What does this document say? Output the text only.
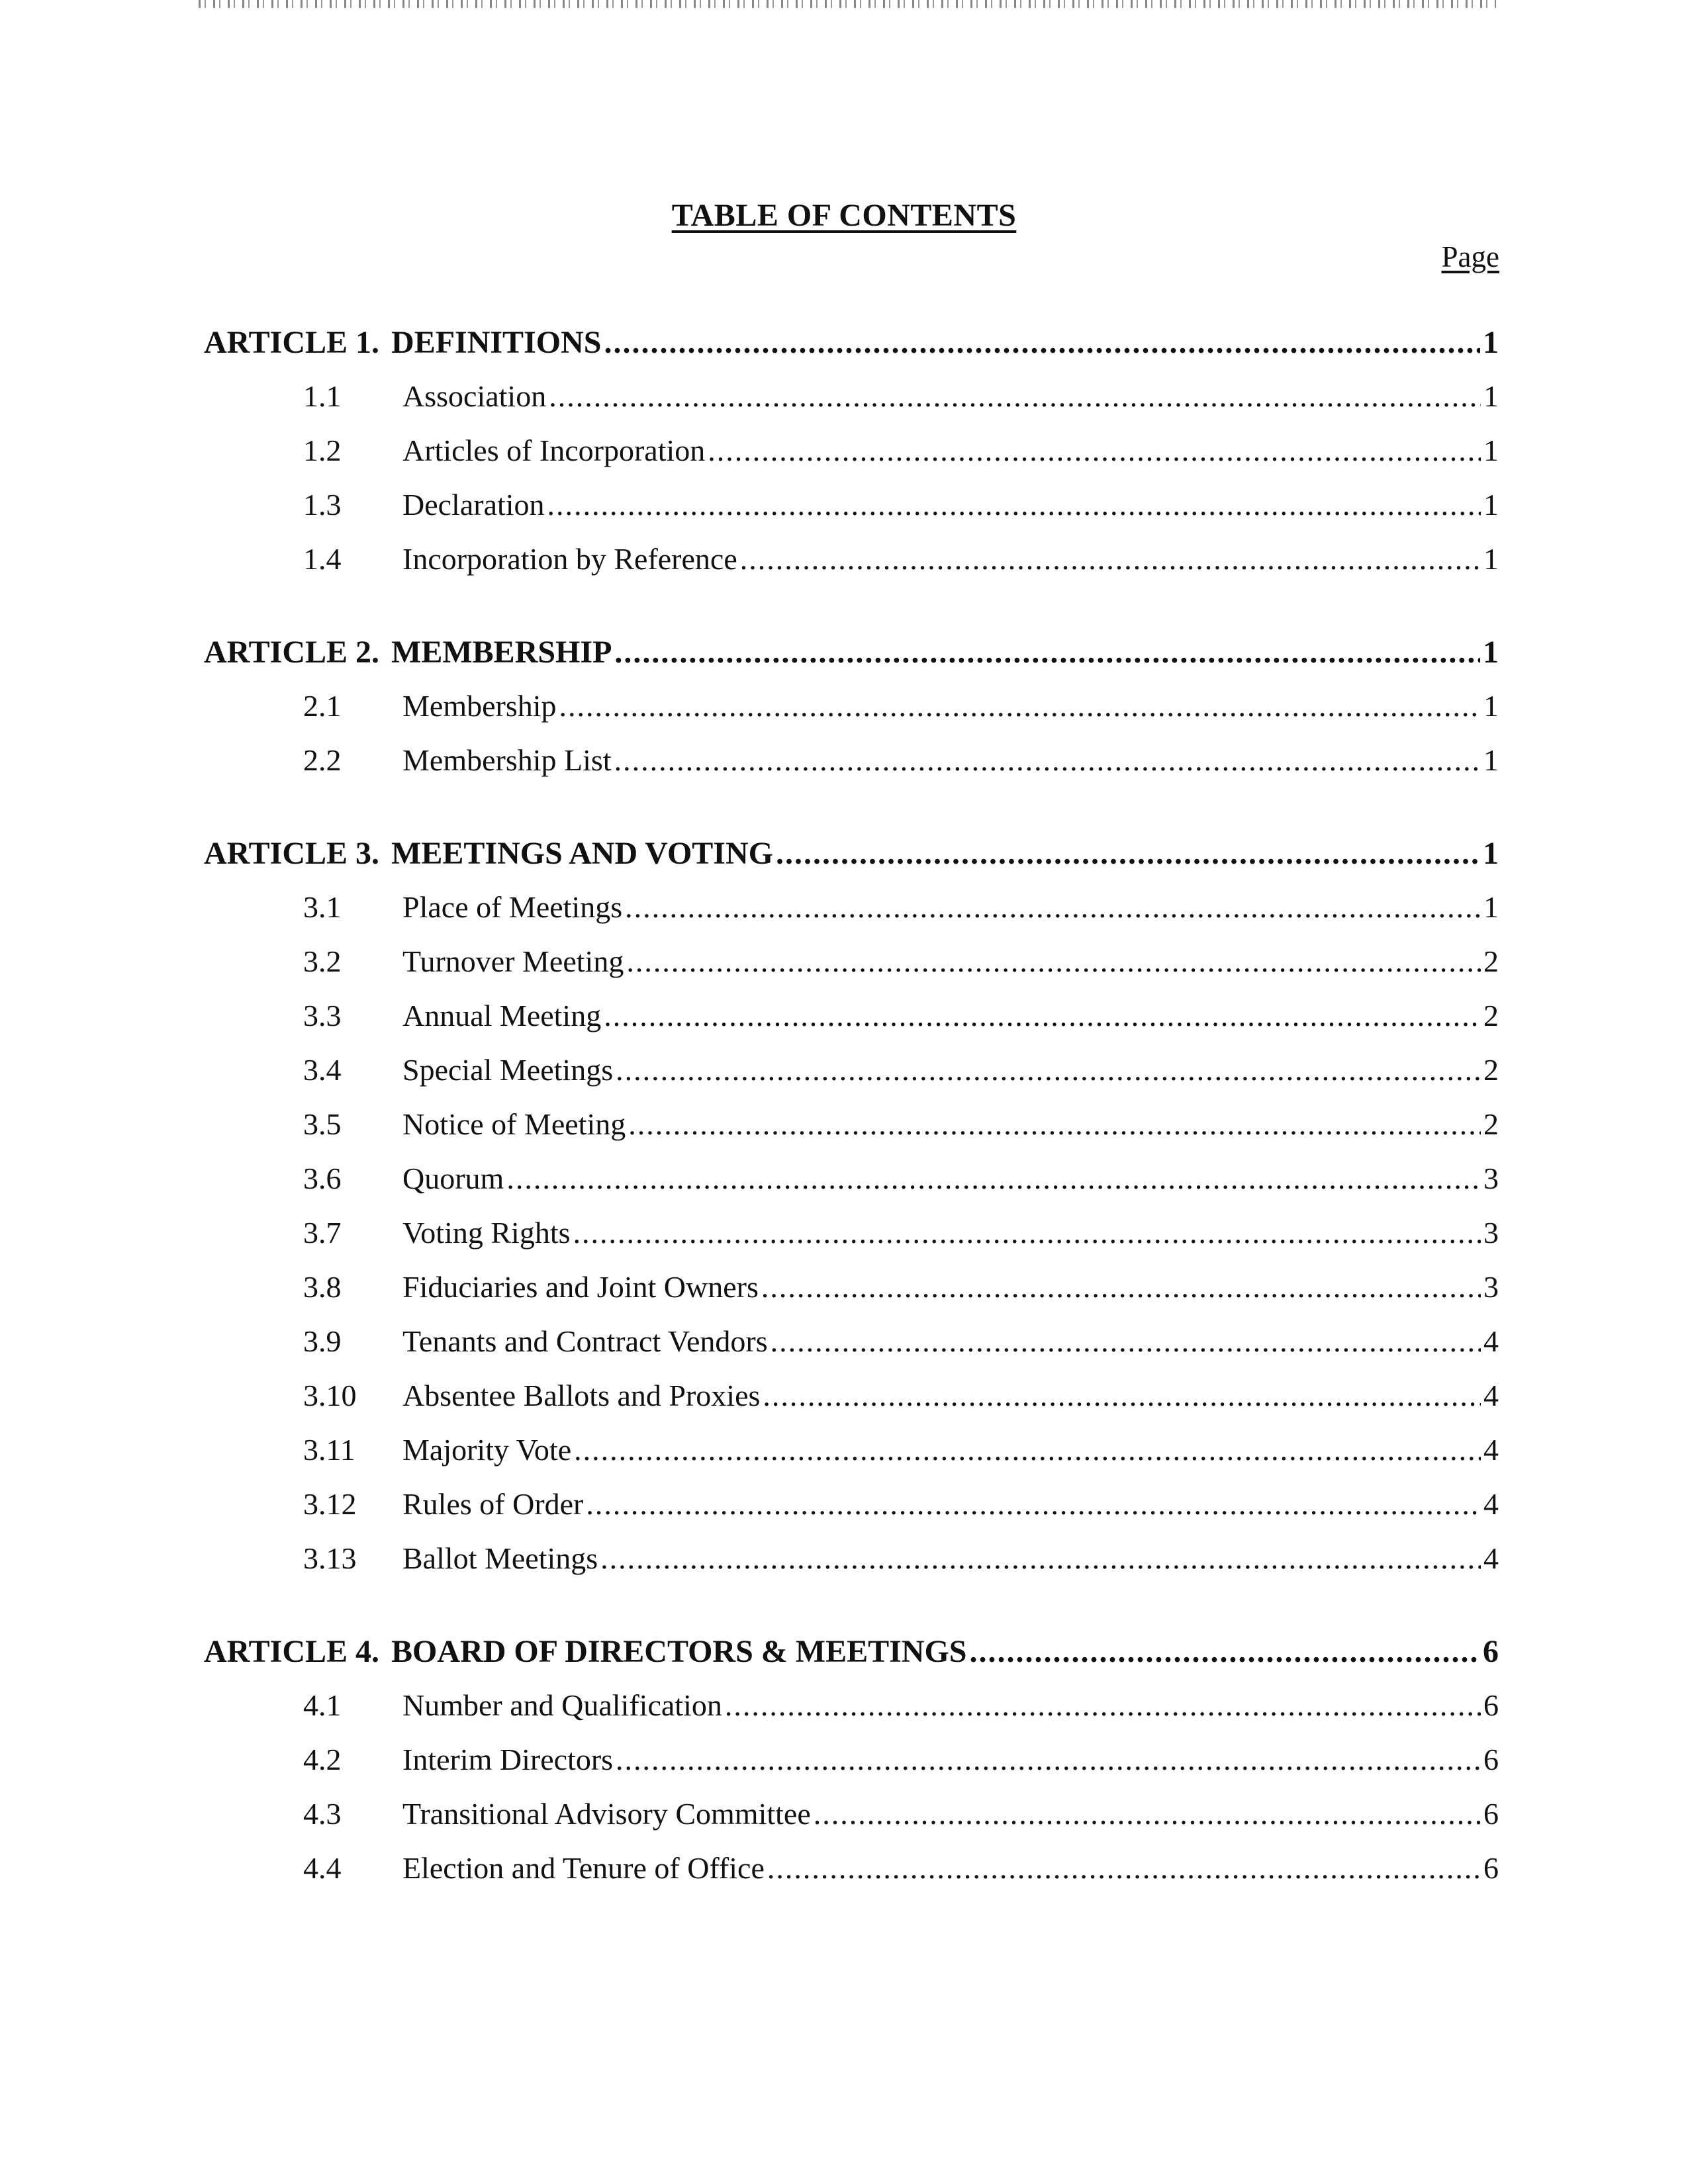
TABLE OF CONTENTS
Page
ARTICLE 1. DEFINITIONS .....	1
1.1	Association .....	1
1.2	Articles of Incorporation .....	1
1.3	Declaration .....	1
1.4	Incorporation by Reference .....	1
ARTICLE 2. MEMBERSHIP .....	1
2.1	Membership .....	1
2.2	Membership List .....	1
ARTICLE 3. MEETINGS AND VOTING .....	1
3.1	Place of Meetings .....	1
3.2	Turnover Meeting .....	2
3.3	Annual Meeting .....	2
3.4	Special Meetings .....	2
3.5	Notice of Meeting .....	2
3.6	Quorum .....	3
3.7	Voting Rights .....	3
3.8	Fiduciaries and Joint Owners .....	3
3.9	Tenants and Contract Vendors .....	4
3.10	Absentee Ballots and Proxies .....	4
3.11	Majority Vote .....	4
3.12	Rules of Order .....	4
3.13	Ballot Meetings .....	4
ARTICLE 4. BOARD OF DIRECTORS & MEETINGS .....	6
4.1	Number and Qualification .....	6
4.2	Interim Directors .....	6
4.3	Transitional Advisory Committee .....	6
4.4	Election and Tenure of Office .....	6
